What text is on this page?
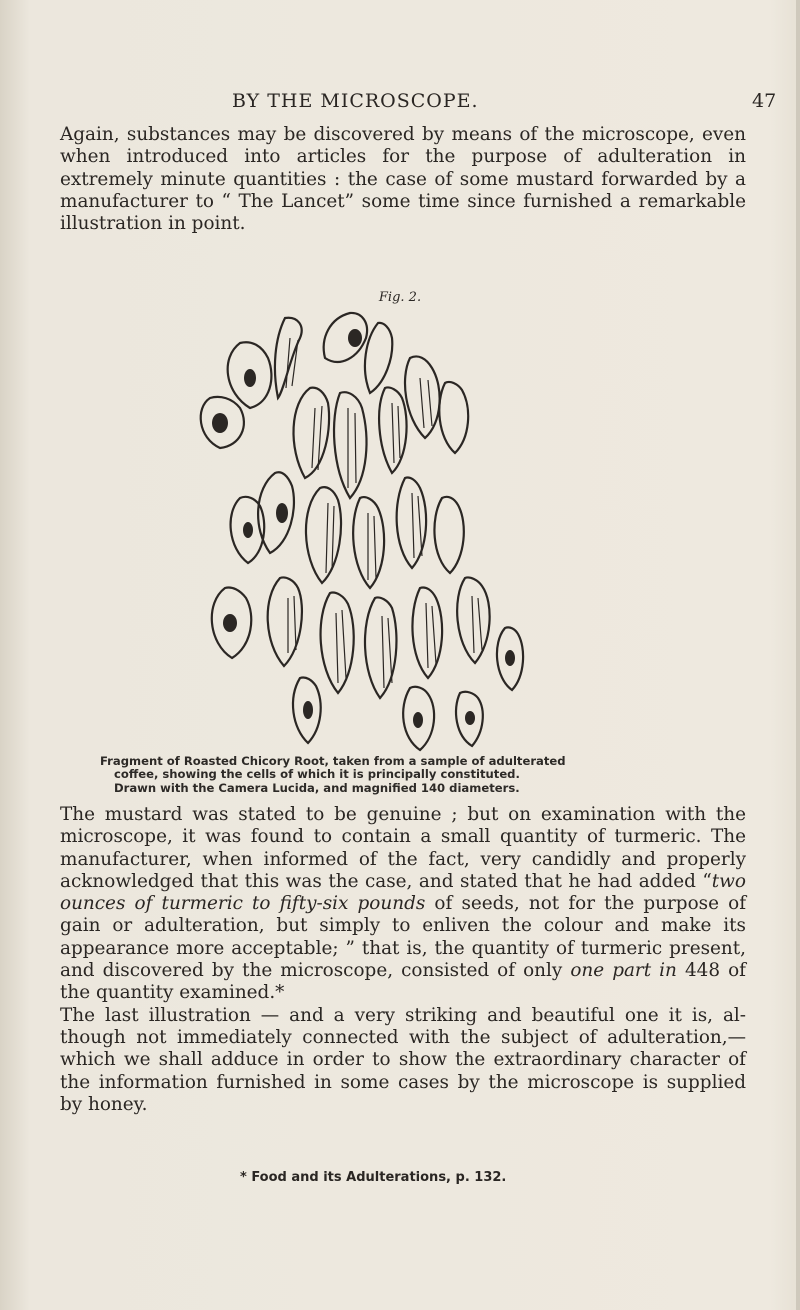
BY THE MICROSCOPE.	47
Again, substances may be discovered by means of the microscope, even when introduced into articles for the purpose of adulteration in extremely minute quantities : the case of some mustard forwarded by a manufacturer to “ The Lancet” some time since furnished a remarkable illustration in point.
Fig. 2.
Fragment of Roasted Chicory Root, taken from a sample of adulterated
coffee, showing the cells of which it is principally constituted.
Drawn with the Camera Lucida, and magnified 140 diameters.
The mustard was stated to be genuine ; but on examination with the microscope, it was found to contain a small quantity of turmeric. The manufacturer, when informed of the fact, very candidly and properly acknowledged that this was the case, and stated that he had added “two ounces of turmeric to fifty-six pounds of seeds, not for the purpose of gain or adulteration, but simply to enliven the colour and make its appearance more acceptable; ” that is, the quantity of turmeric present, and discovered by the microscope, consisted of only one part in 448 of the quantity examined.*
The last illustration — and a very striking and beautiful one it is, al- though not immediately connected with the subject of adulteration,— which we shall adduce in order to show the extraordinary character of the information furnished in some cases by the microscope is supplied by honey.
* Food and its Adulterations, p. 132.
